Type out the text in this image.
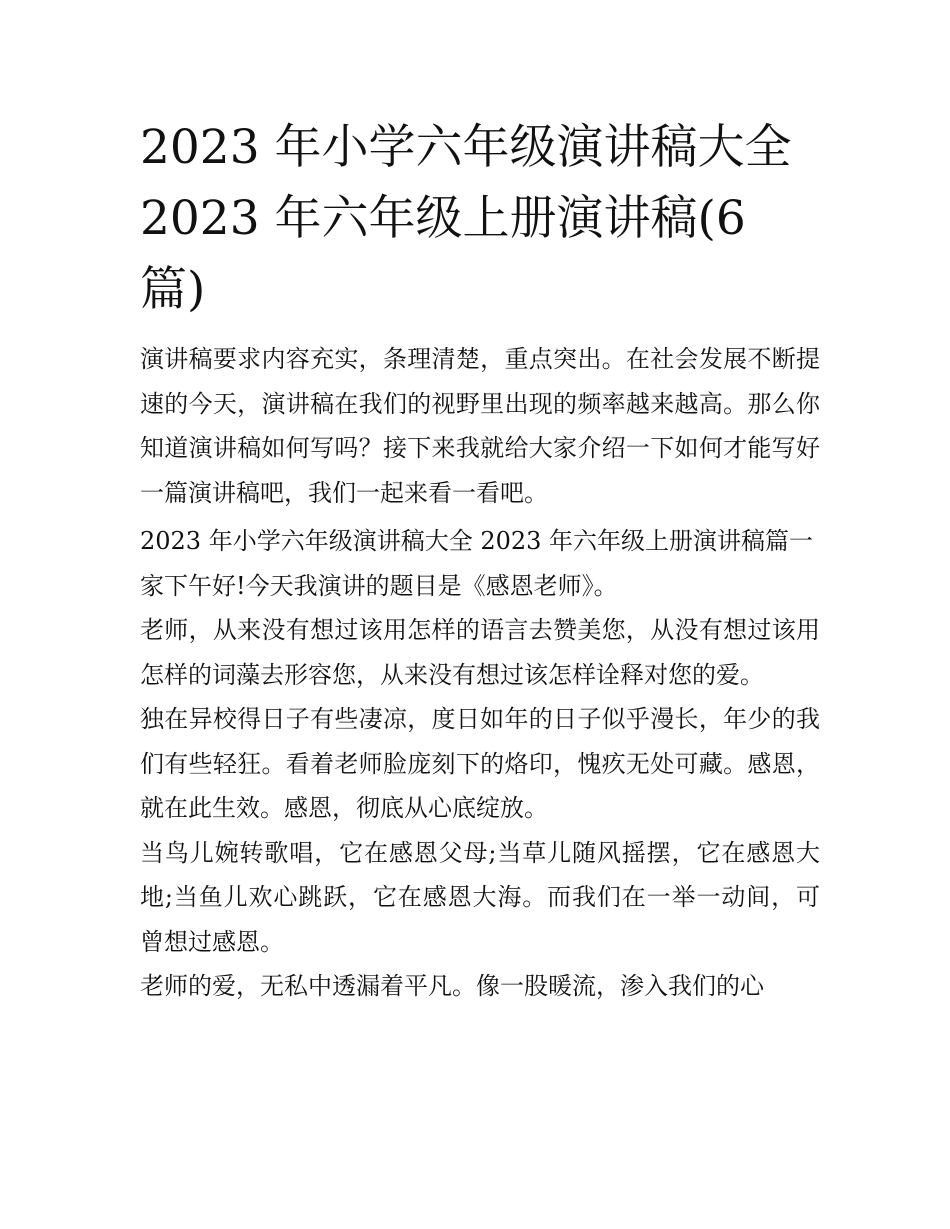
2023 年小学六年级演讲稿大全
2023 年六年级上册演讲稿(6
篇)

演讲稿要求内容充实，条理清楚，重点突出。在社会发展不断提速的今天，演讲稿在我们的视野里出现的频率越来越高。那么你知道演讲稿如何写吗？接下来我就给大家介绍一下如何才能写好一篇演讲稿吧，我们一起来看一看吧。

2023 年小学六年级演讲稿大全 2023 年六年级上册演讲稿篇一

家下午好!今天我演讲的题目是《感恩老师》。

老师，从来没有想过该用怎样的语言去赞美您，从没有想过该用怎样的词藻去形容您，从来没有想过该怎样诠释对您的爱。

独在异校得日子有些凄凉，度日如年的日子似乎漫长，年少的我们有些轻狂。看着老师脸庞刻下的烙印，愧疚无处可藏。感恩，就在此生效。感恩，彻底从心底绽放。

当鸟儿婉转歌唱，它在感恩父母;当草儿随风摇摆，它在感恩大地;当鱼儿欢心跳跃，它在感恩大海。而我们在一举一动间，可曾想过感恩。

老师的爱，无私中透漏着平凡。像一股暖流，渗入我们的心
